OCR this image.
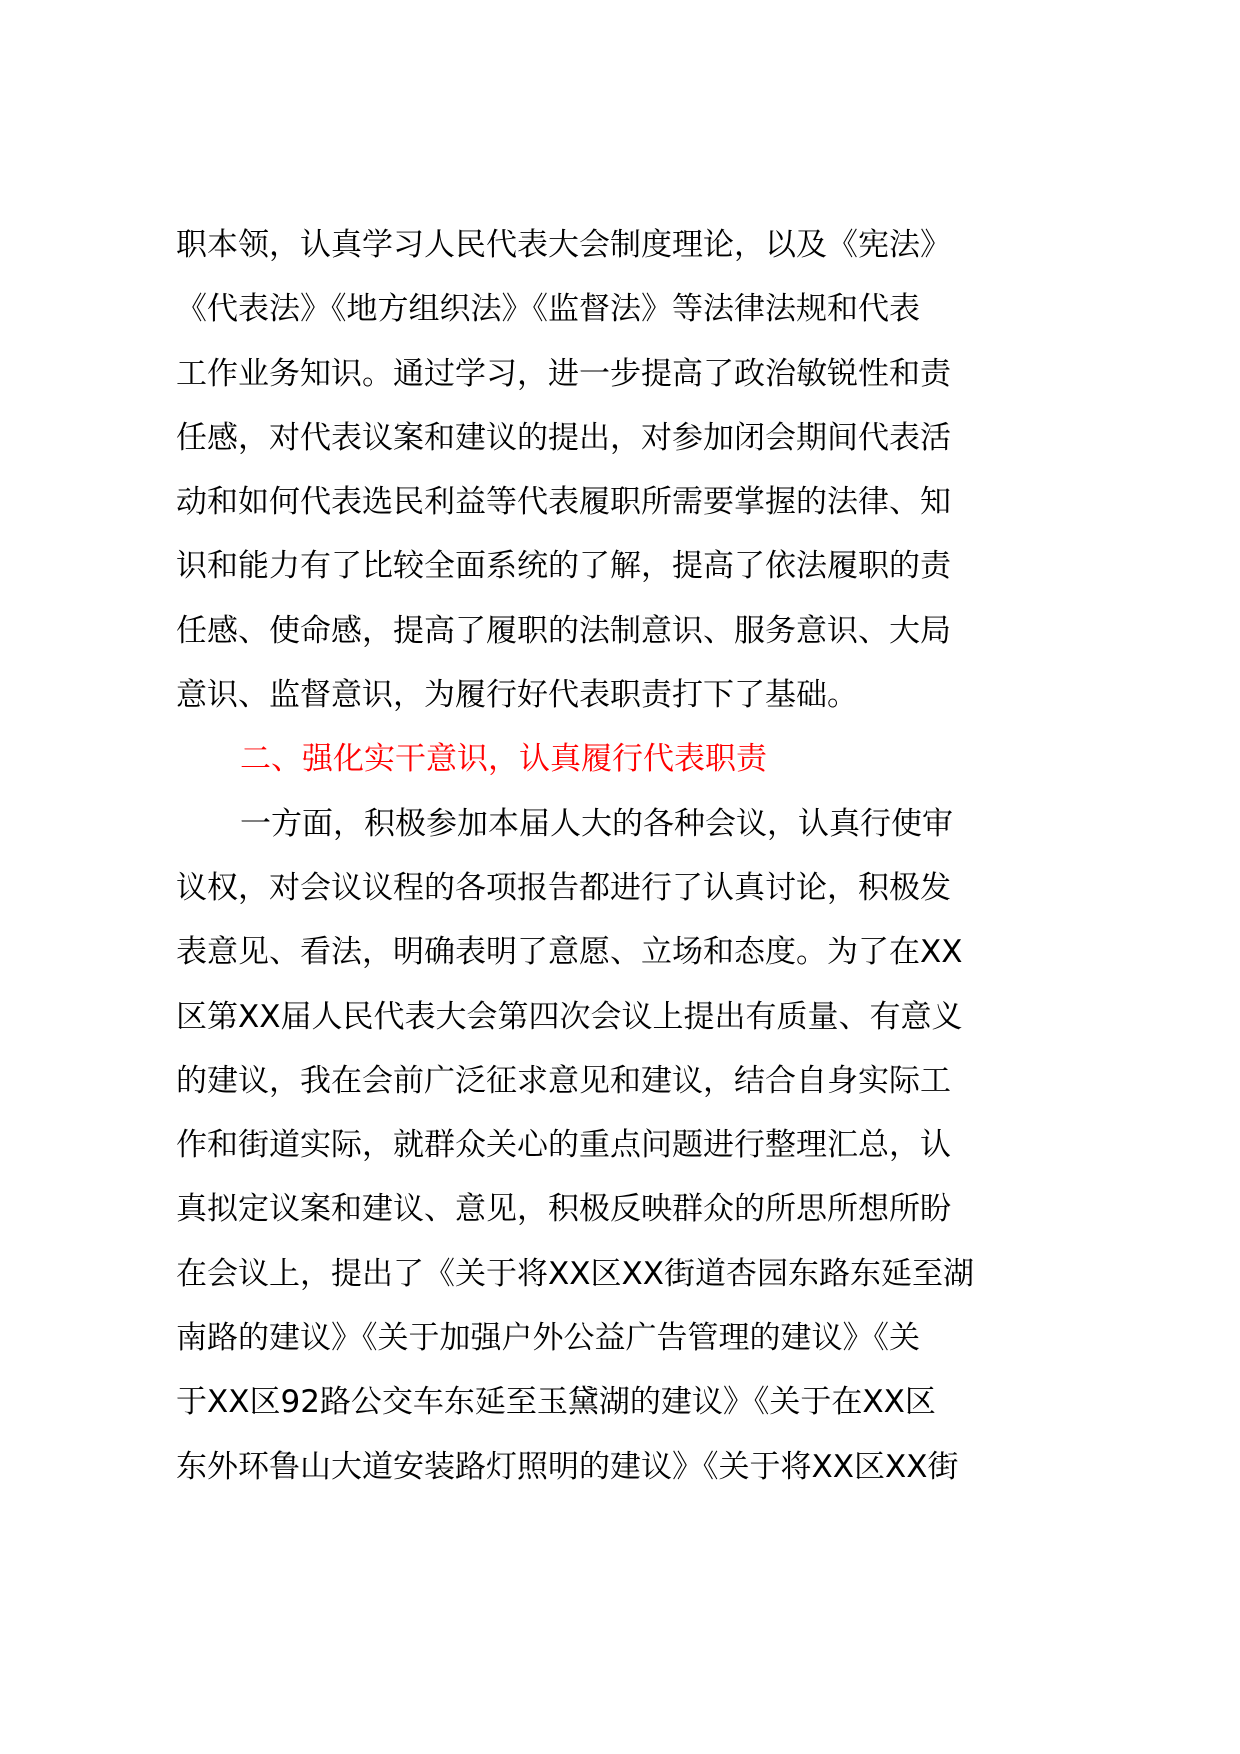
职本领，认真学习人民代表大会制度理论，以及《宪法》
《代表法》《地方组织法》《监督法》等法律法规和代表
工作业务知识。通过学习，进一步提高了政治敏锐性和责
任感，对代表议案和建议的提出，对参加闭会期间代表活
动和如何代表选民利益等代表履职所需要掌握的法律、知
识和能力有了比较全面系统的了解，提高了依法履职的责
任感、使命感，提高了履职的法制意识、服务意识、大局
意识、监督意识，为履行好代表职责打下了基础。
二、强化实干意识，认真履行代表职责
一方面，积极参加本届人大的各种会议，认真行使审
议权，对会议议程的各项报告都进行了认真讨论，积极发
表意见、看法，明确表明了意愿、立场和态度。为了在XX
区第XX届人民代表大会第四次会议上提出有质量、有意义
的建议，我在会前广泛征求意见和建议，结合自身实际工
作和街道实际，就群众关心的重点问题进行整理汇总，认
真拟定议案和建议、意见，积极反映群众的所思所想所盼
在会议上，提出了《关于将XX区XX街道杏园东路东延至湖
南路的建议》《关于加强户外公益广告管理的建议》《关
于XX区92路公交车东延至玉黛湖的建议》《关于在XX区
东外环鲁山大道安装路灯照明的建议》《关于将XX区XX街
